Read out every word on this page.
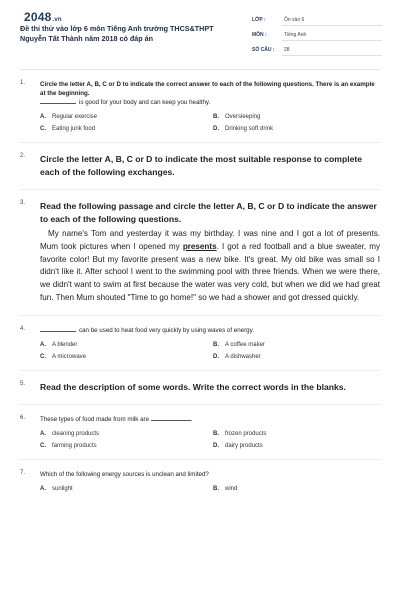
2048.vn
Đề thi thử vào lớp 6 môn Tiếng Anh trường THCS&THPT Nguyễn Tất Thành năm 2018 có đáp án
LỚP :	Ôn vào 6
MÔN :	Tiếng Anh
SỐ CÂU : 28
1. Circle the letter A, B, C or D to indicate the correct answer to each of the following questions. There is an example at the beginning.
is good for your body and can keep you healthy.
A. Regular exercise	B. Oversleeping
C. Eating junk food	D. Drinking soft drink
2. Circle the letter A, B, C or D to indicate the most suitable response to complete each of the following exchanges.
3. Read the following passage and circle the letter A, B, C or D to indicate the answer to each of the following questions.
My name's Tom and yesterday it was my birthday. I was nine and I got a lot of presents. Mum took pictures when I opened my presents. I got a red football and a blue sweater, my favorite color! But my favorite present was a new bike. It's great. My old bike was small so I didn't like it. After school I went to the swimming pool with three friends. When we were there, we didn't want to swim at first because the water was very cold, but when we did we had great fun. Then Mum shouted "Time to go home!" so we had a shower and got dressed quickly.
4.	can be used to heat food very quickly by using waves of energy.
A. A blender	B. A coffee maker
C. A microwave	D. A dishwasher
5. Read the description of some words. Write the correct words in the blanks.
6. These types of food made from milk are	.
A. cleaning products	B. frozen products
C. farming products	D. dairy products
7. Which of the following energy sources is unclean and limited?
A. sunlight	B. wind
